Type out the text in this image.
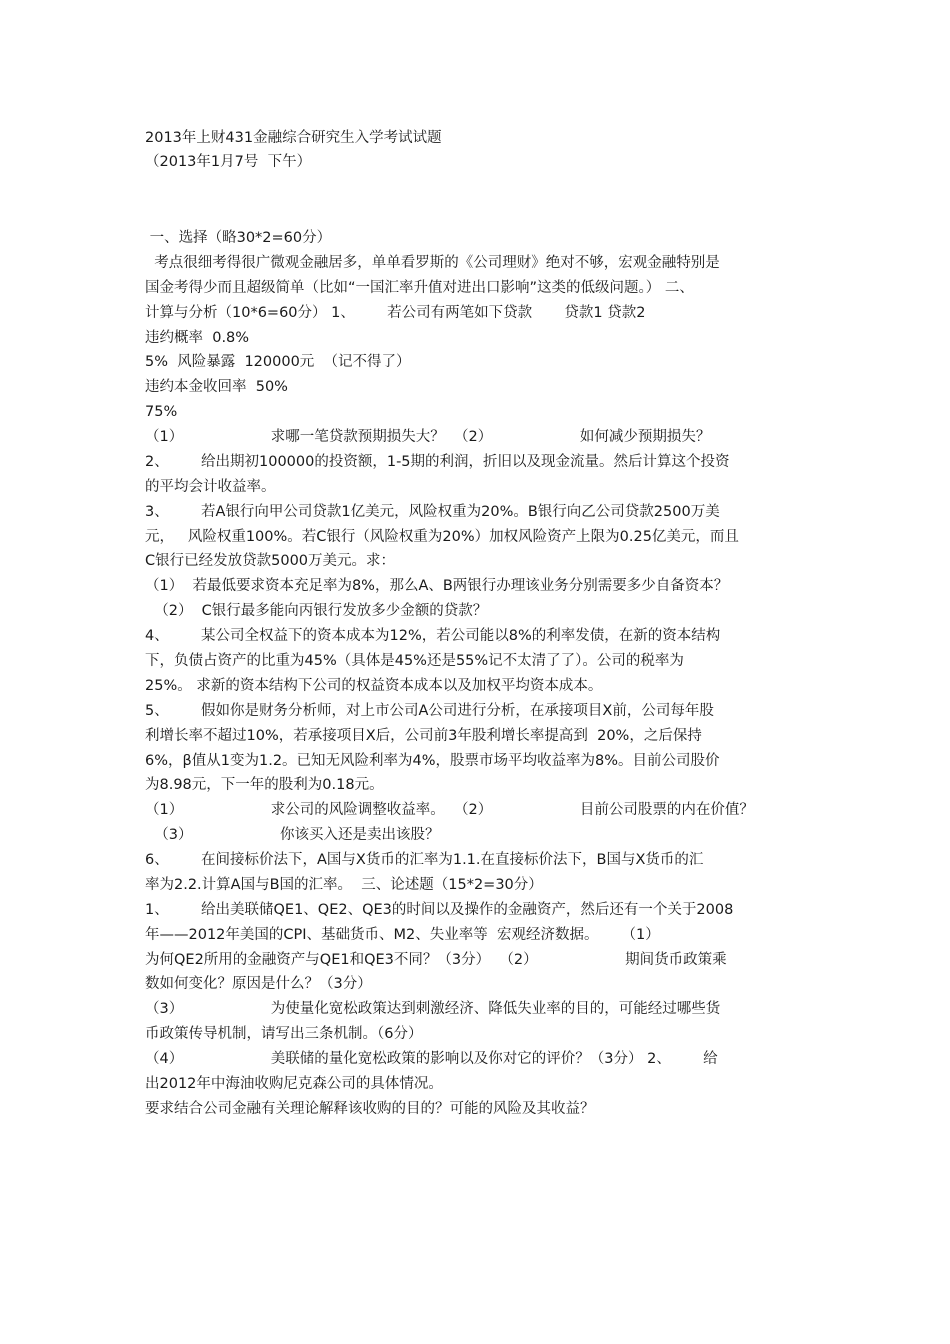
2013年上财431金融综合研究生入学考试试题
（2013年1月7号  下午）
一、选择（略30*2=60分）
考点很细考得很广微观金融居多，单单看罗斯的《公司理财》绝对不够，宏观金融特别是
国金考得少而且超级简单（比如“一国汇率升值对进出口影响”这类的低级问题。） 二、
计算与分析（10*6=60分） 1、       若公司有两笔如下贷款       贷款1 贷款2
违约概率  0.8%
5%  风险暴露  120000元  （记不得了）
违约本金收回率  50%
75%
（1）                   求哪一笔贷款预期损失大？  （2）                   如何减少预期损失？
2、       给出期初100000的投资额，1-5期的利润，折旧以及现金流量。然后计算这个投资
的平均会计收益率。
3、       若A银行向甲公司贷款1亿美元，风险权重为20%。B银行向乙公司贷款2500万美
元，   风险权重100%。若C银行（风险权重为20%）加权风险资产上限为0.25亿美元，而且
C银行已经发放贷款5000万美元。求：
（1）  若最低要求资本充足率为8%，那么A、B两银行办理该业务分别需要多少自备资本？
（2）  C银行最多能向丙银行发放多少金额的贷款？
4、       某公司全权益下的资本成本为12%，若公司能以8%的利率发债，在新的资本结构
下，负债占资产的比重为45%（具体是45%还是55%记不太清了了）。公司的税率为
25%。 求新的资本结构下公司的权益资本成本以及加权平均资本成本。
5、       假如你是财务分析师，对上市公司A公司进行分析，在承接项目X前，公司每年股
利增长率不超过10%，若承接项目X后，公司前3年股利增长率提高到  20%，之后保持
6%，β值从1变为1.2。已知无风险利率为4%，股票市场平均收益率为8%。目前公司股价
为8.98元，下一年的股利为0.18元。
（1）                   求公司的风险调整收益率。  （2）                   目前公司股票的内在价值？
（3）                   你该买入还是卖出该股？
6、       在间接标价法下，A国与X货币的汇率为1.1.在直接标价法下，B国与X货币的汇
率为2.2.计算A国与B国的汇率。  三、论述题（15*2=30分）
1、       给出美联储QE1、QE2、QE3的时间以及操作的金融资产，然后还有一个关于2008
年——2012年美国的CPI、基础货币、M2、失业率等  宏观经济数据。     （1）
为何QE2所用的金融资产与QE1和QE3不同？（3分）  （2）                   期间货币政策乘
数如何变化？原因是什么？（3分）
（3）                   为使量化宽松政策达到刺激经济、降低失业率的目的，可能经过哪些货
币政策传导机制，请写出三条机制。（6分）
（4）                   美联储的量化宽松政策的影响以及你对它的评价？（3分） 2、       给
出2012年中海油收购尼克森公司的具体情况。
要求结合公司金融有关理论解释该收购的目的？可能的风险及其收益？
